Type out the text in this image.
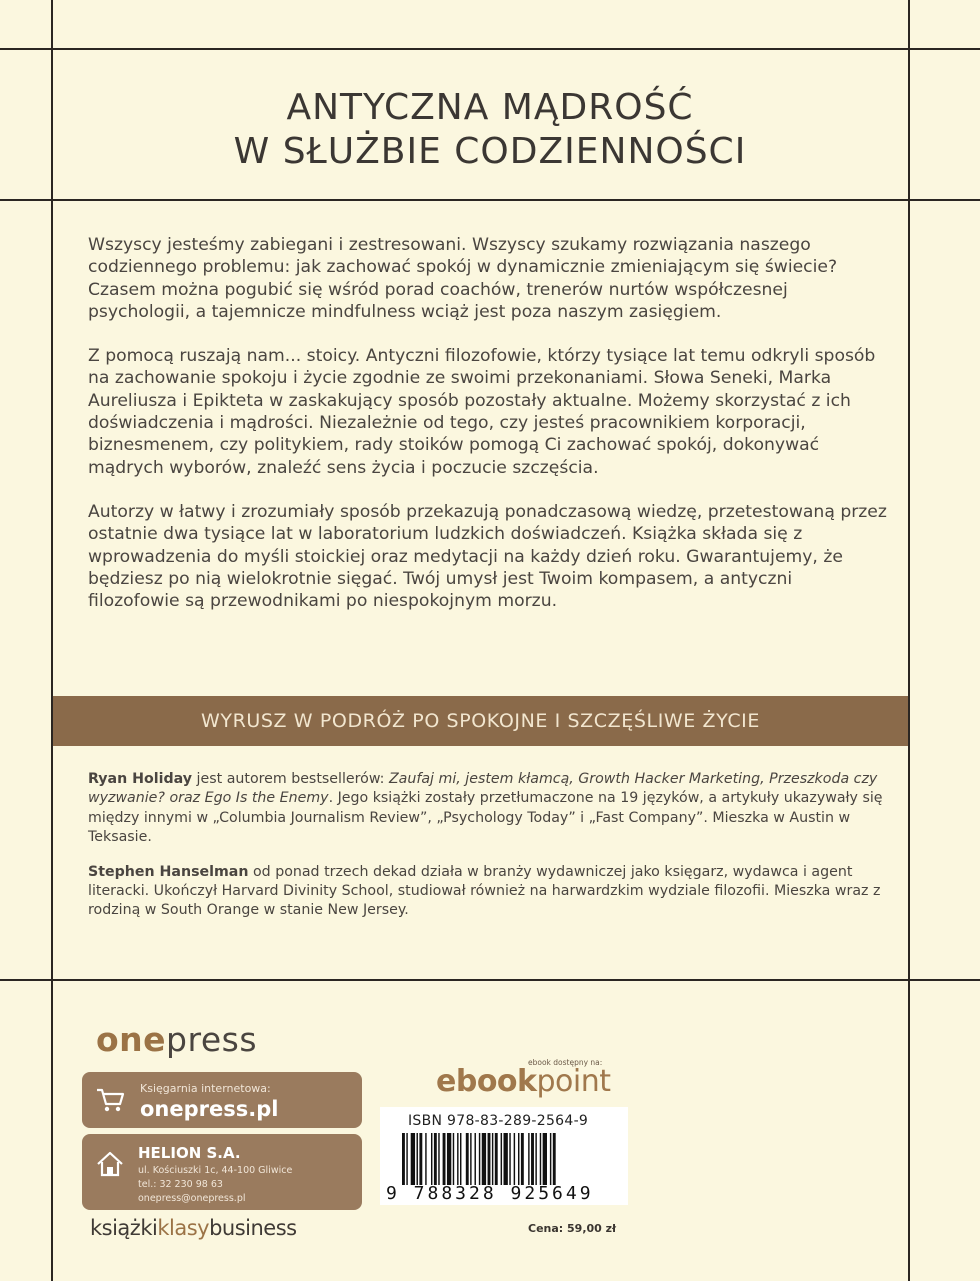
ANTYCZNA MĄDROŚĆ
W SŁUŻBIE CODZIENNOŚCI

Wszyscy jesteśmy zabiegani i zestresowani. Wszyscy szukamy rozwiązania naszego codziennego problemu: jak zachować spokój w dynamicznie zmieniającym się świecie? Czasem można pogubić się wśród porad coachów, trenerów nurtów współczesnej psychologii, a tajemnicze mindfulness wciąż jest poza naszym zasięgiem.

Z pomocą ruszają nam... stoicy. Antyczni filozofowie, którzy tysiące lat temu odkryli sposób na zachowanie spokoju i życie zgodnie ze swoimi przekonaniami. Słowa Seneki, Marka Aureliusza i Epikteta w zaskakujący sposób pozostały aktualne. Możemy skorzystać z ich doświadczenia i mądrości. Niezależnie od tego, czy jesteś pracownikiem korporacji, biznesmenem, czy politykiem, rady stoików pomogą Ci zachować spokój, dokonywać mądrych wyborów, znaleźć sens życia i poczucie szczęścia.

Autorzy w łatwy i zrozumiały sposób przekazują ponadczasową wiedzę, przetestowaną przez ostatnie dwa tysiące lat w laboratorium ludzkich doświadczeń. Książka składa się z wprowadzenia do myśli stoickiej oraz medytacji na każdy dzień roku. Gwarantujemy, że będziesz po nią wielokrotnie sięgać. Twój umysł jest Twoim kompasem, a antyczni filozofowie są przewodnikami po niespokojnym morzu.

WYRUSZ W PODRÓŻ PO SPOKOJNE I SZCZĘŚLIWE ŻYCIE

Ryan Holiday jest autorem bestsellerów: Zaufaj mi, jestem kłamcą, Growth Hacker Marketing, Przeszkoda czy wyzwanie? oraz Ego Is the Enemy. Jego książki zostały przetłumaczone na 19 języków, a artykuły ukazywały się między innymi w „Columbia Journalism Review”, „Psychology Today” i „Fast Company”. Mieszka w Austin w Teksasie.

Stephen Hanselman od ponad trzech dekad działa w branży wydawniczej jako księgarz, wydawca i agent literacki. Ukończył Harvard Divinity School, studiował również na harwardzkim wydziale filozofii. Mieszka wraz z rodziną w South Orange w stanie New Jersey.

onepress
Księgarnia internetowa:
onepress.pl
HELION S.A.
ul. Kościuszki 1c, 44-100 Gliwice
tel.: 32 230 98 63
onepress@onepress.pl
książkiklasybusiness
ebook dostępny na:
ebookpoint
ISBN 978-83-289-2564-9
9 788328 925649
Cena: 59,00 zł
